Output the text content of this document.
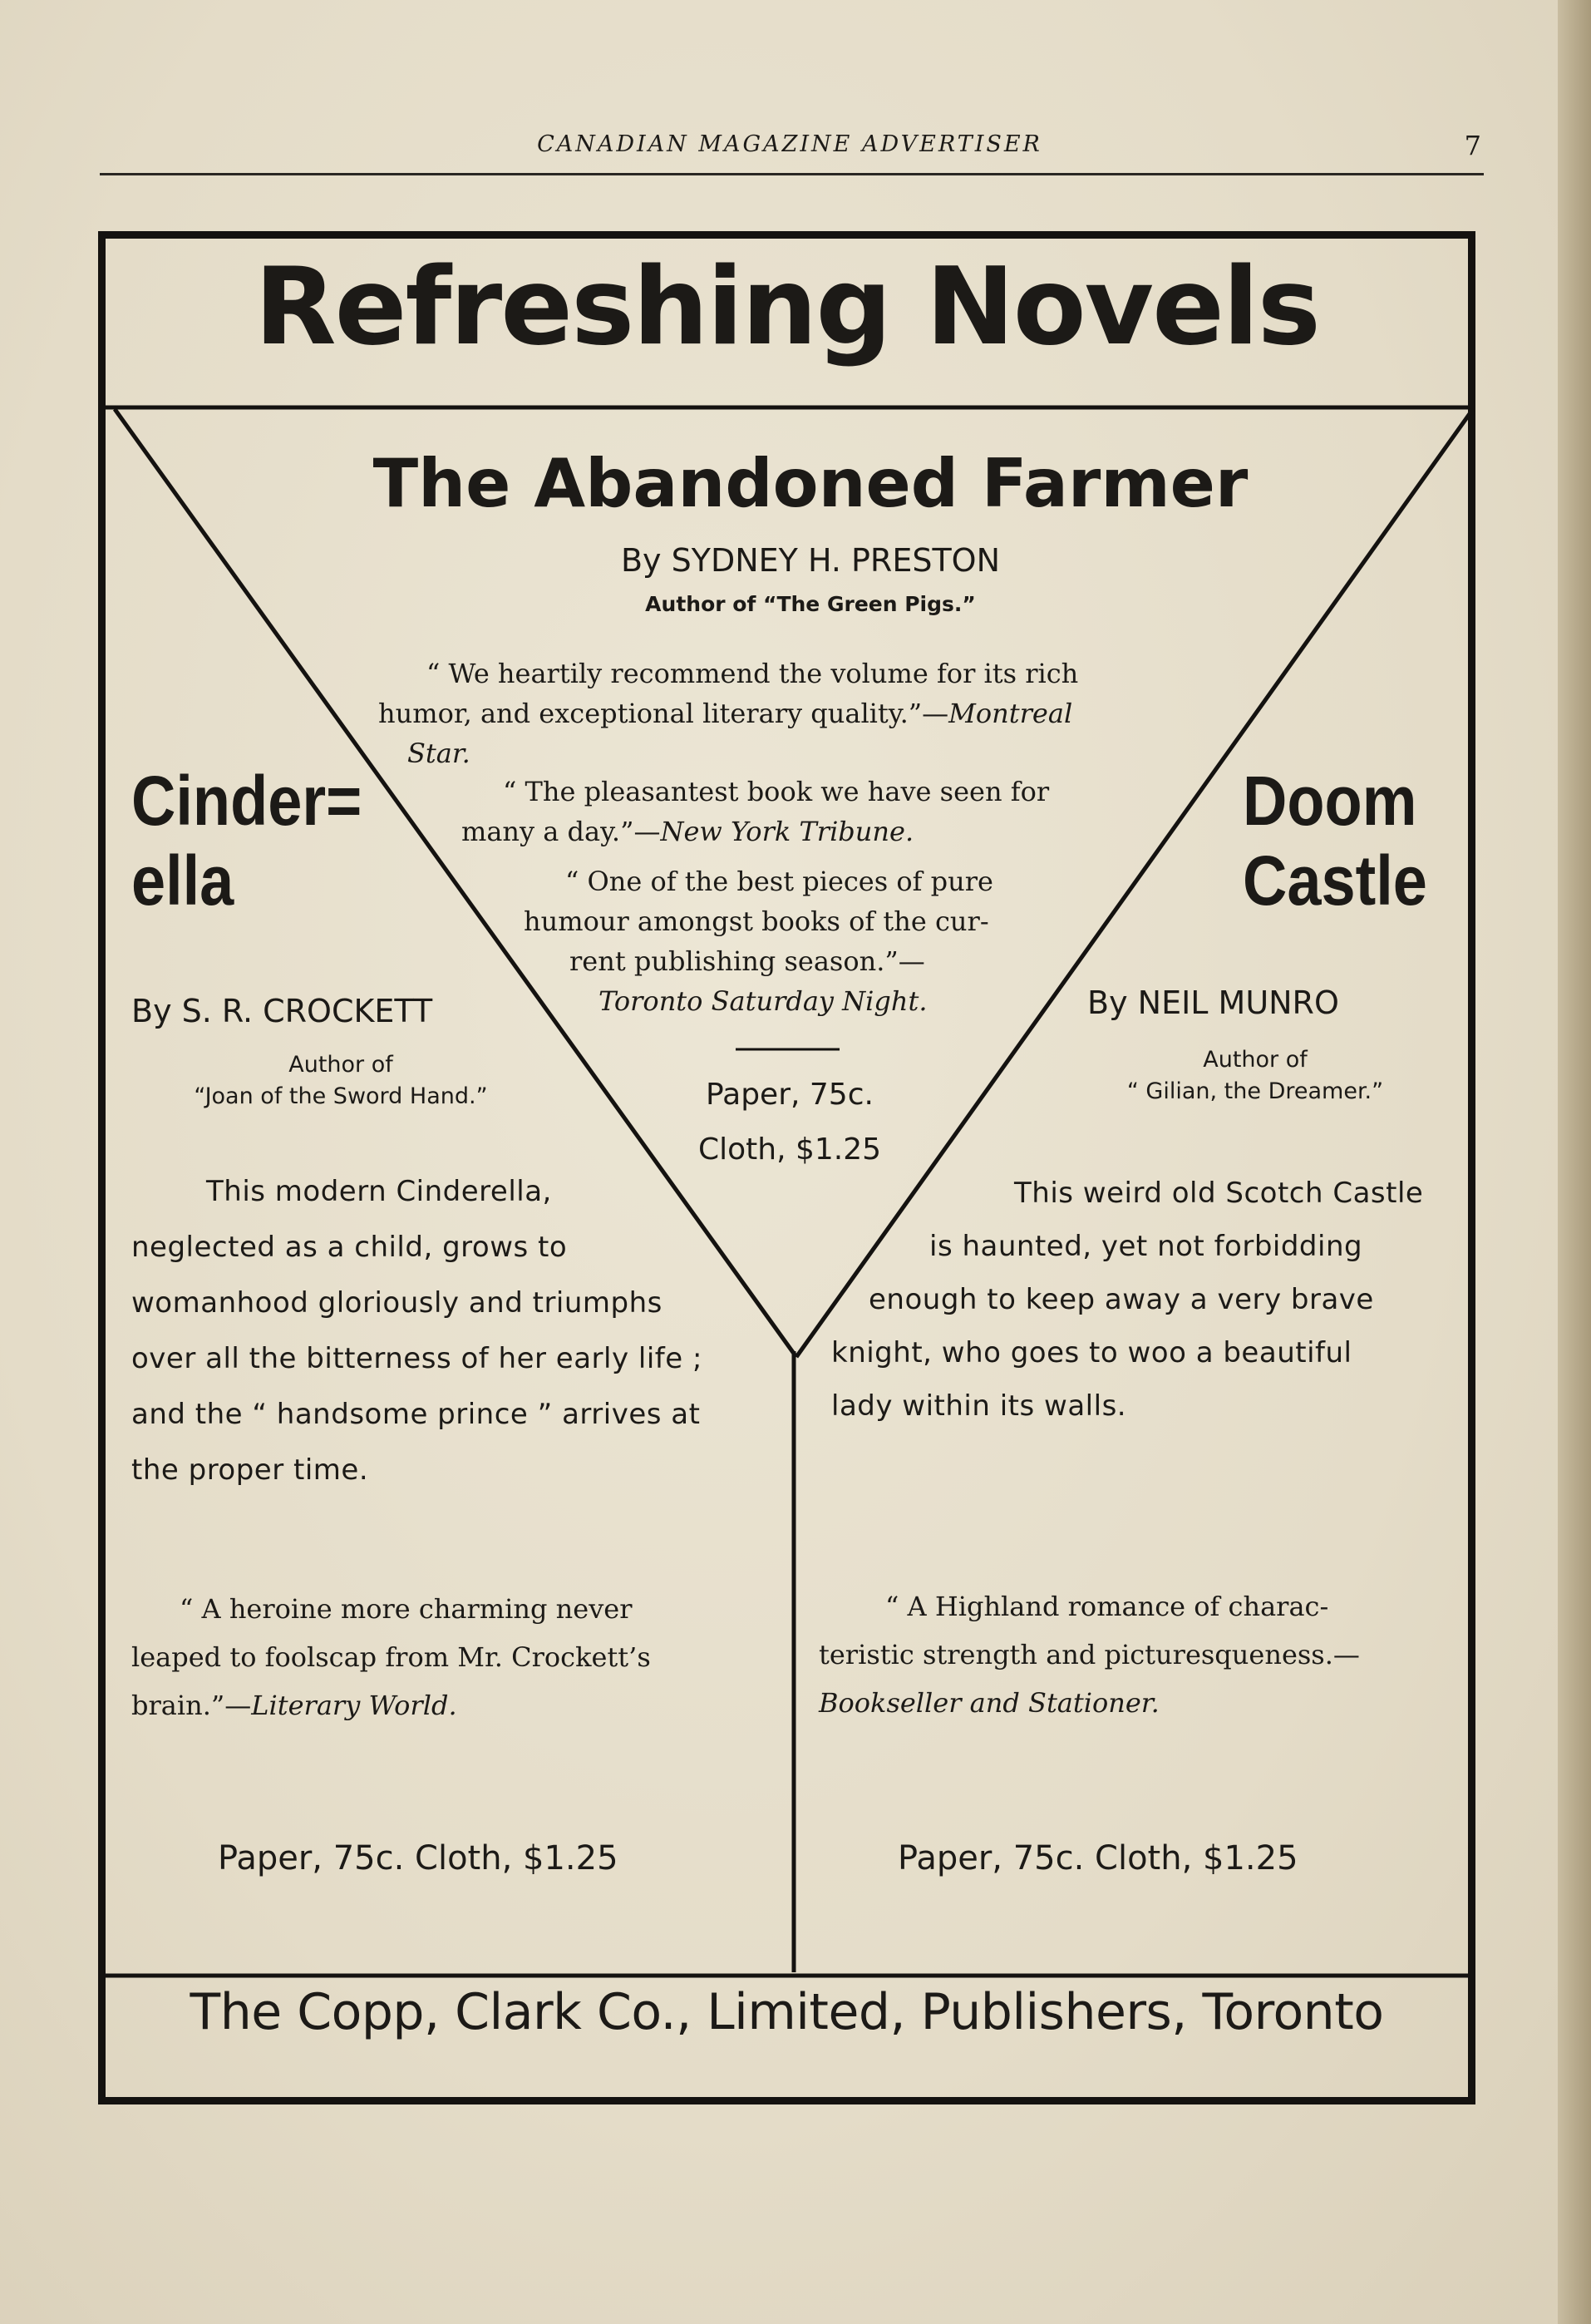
CANADIAN MAGAZINE ADVERTISER	7
Refreshing Novels
The Abandoned Farmer
By SYDNEY H. PRESTON
Author of “The Green Pigs.”
“ We heartily recommend the volume for its rich
humor, and exceptional literary quality.”—Montreal
Star.
“ The pleasantest book we have seen for
many a day.”—New York Tribune.
“ One of the best pieces of pure
humour amongst books of the cur-
rent publishing season.”—
Toronto Saturday Night.
Paper, 75c.
Cloth, $1.25
Cinder=
ella
By S. R. CROCKETT
Author of
“Joan of the Sword Hand.”
This modern Cinderella,
neglected as a child, grows to
womanhood gloriously and triumphs
over all the bitterness of her early life ;
and the “ handsome prince ” arrives at
the proper time.
“ A heroine more charming never
leaped to foolscap from Mr. Crockett’s
brain.”—Literary World.
Paper, 75c. Cloth, $1.25
Doom
Castle
By NEIL MUNRO
Author of
“ Gilian, the Dreamer.”
This weird old Scotch Castle
is haunted, yet not forbidding
enough to keep away a very brave
knight, who goes to woo a beautiful
lady within its walls.
“ A Highland romance of charac-
teristic strength and picturesqueness.—
Bookseller and Stationer.
Paper, 75c. Cloth, $1.25
The Copp, Clark Co., Limited, Publishers, Toronto
